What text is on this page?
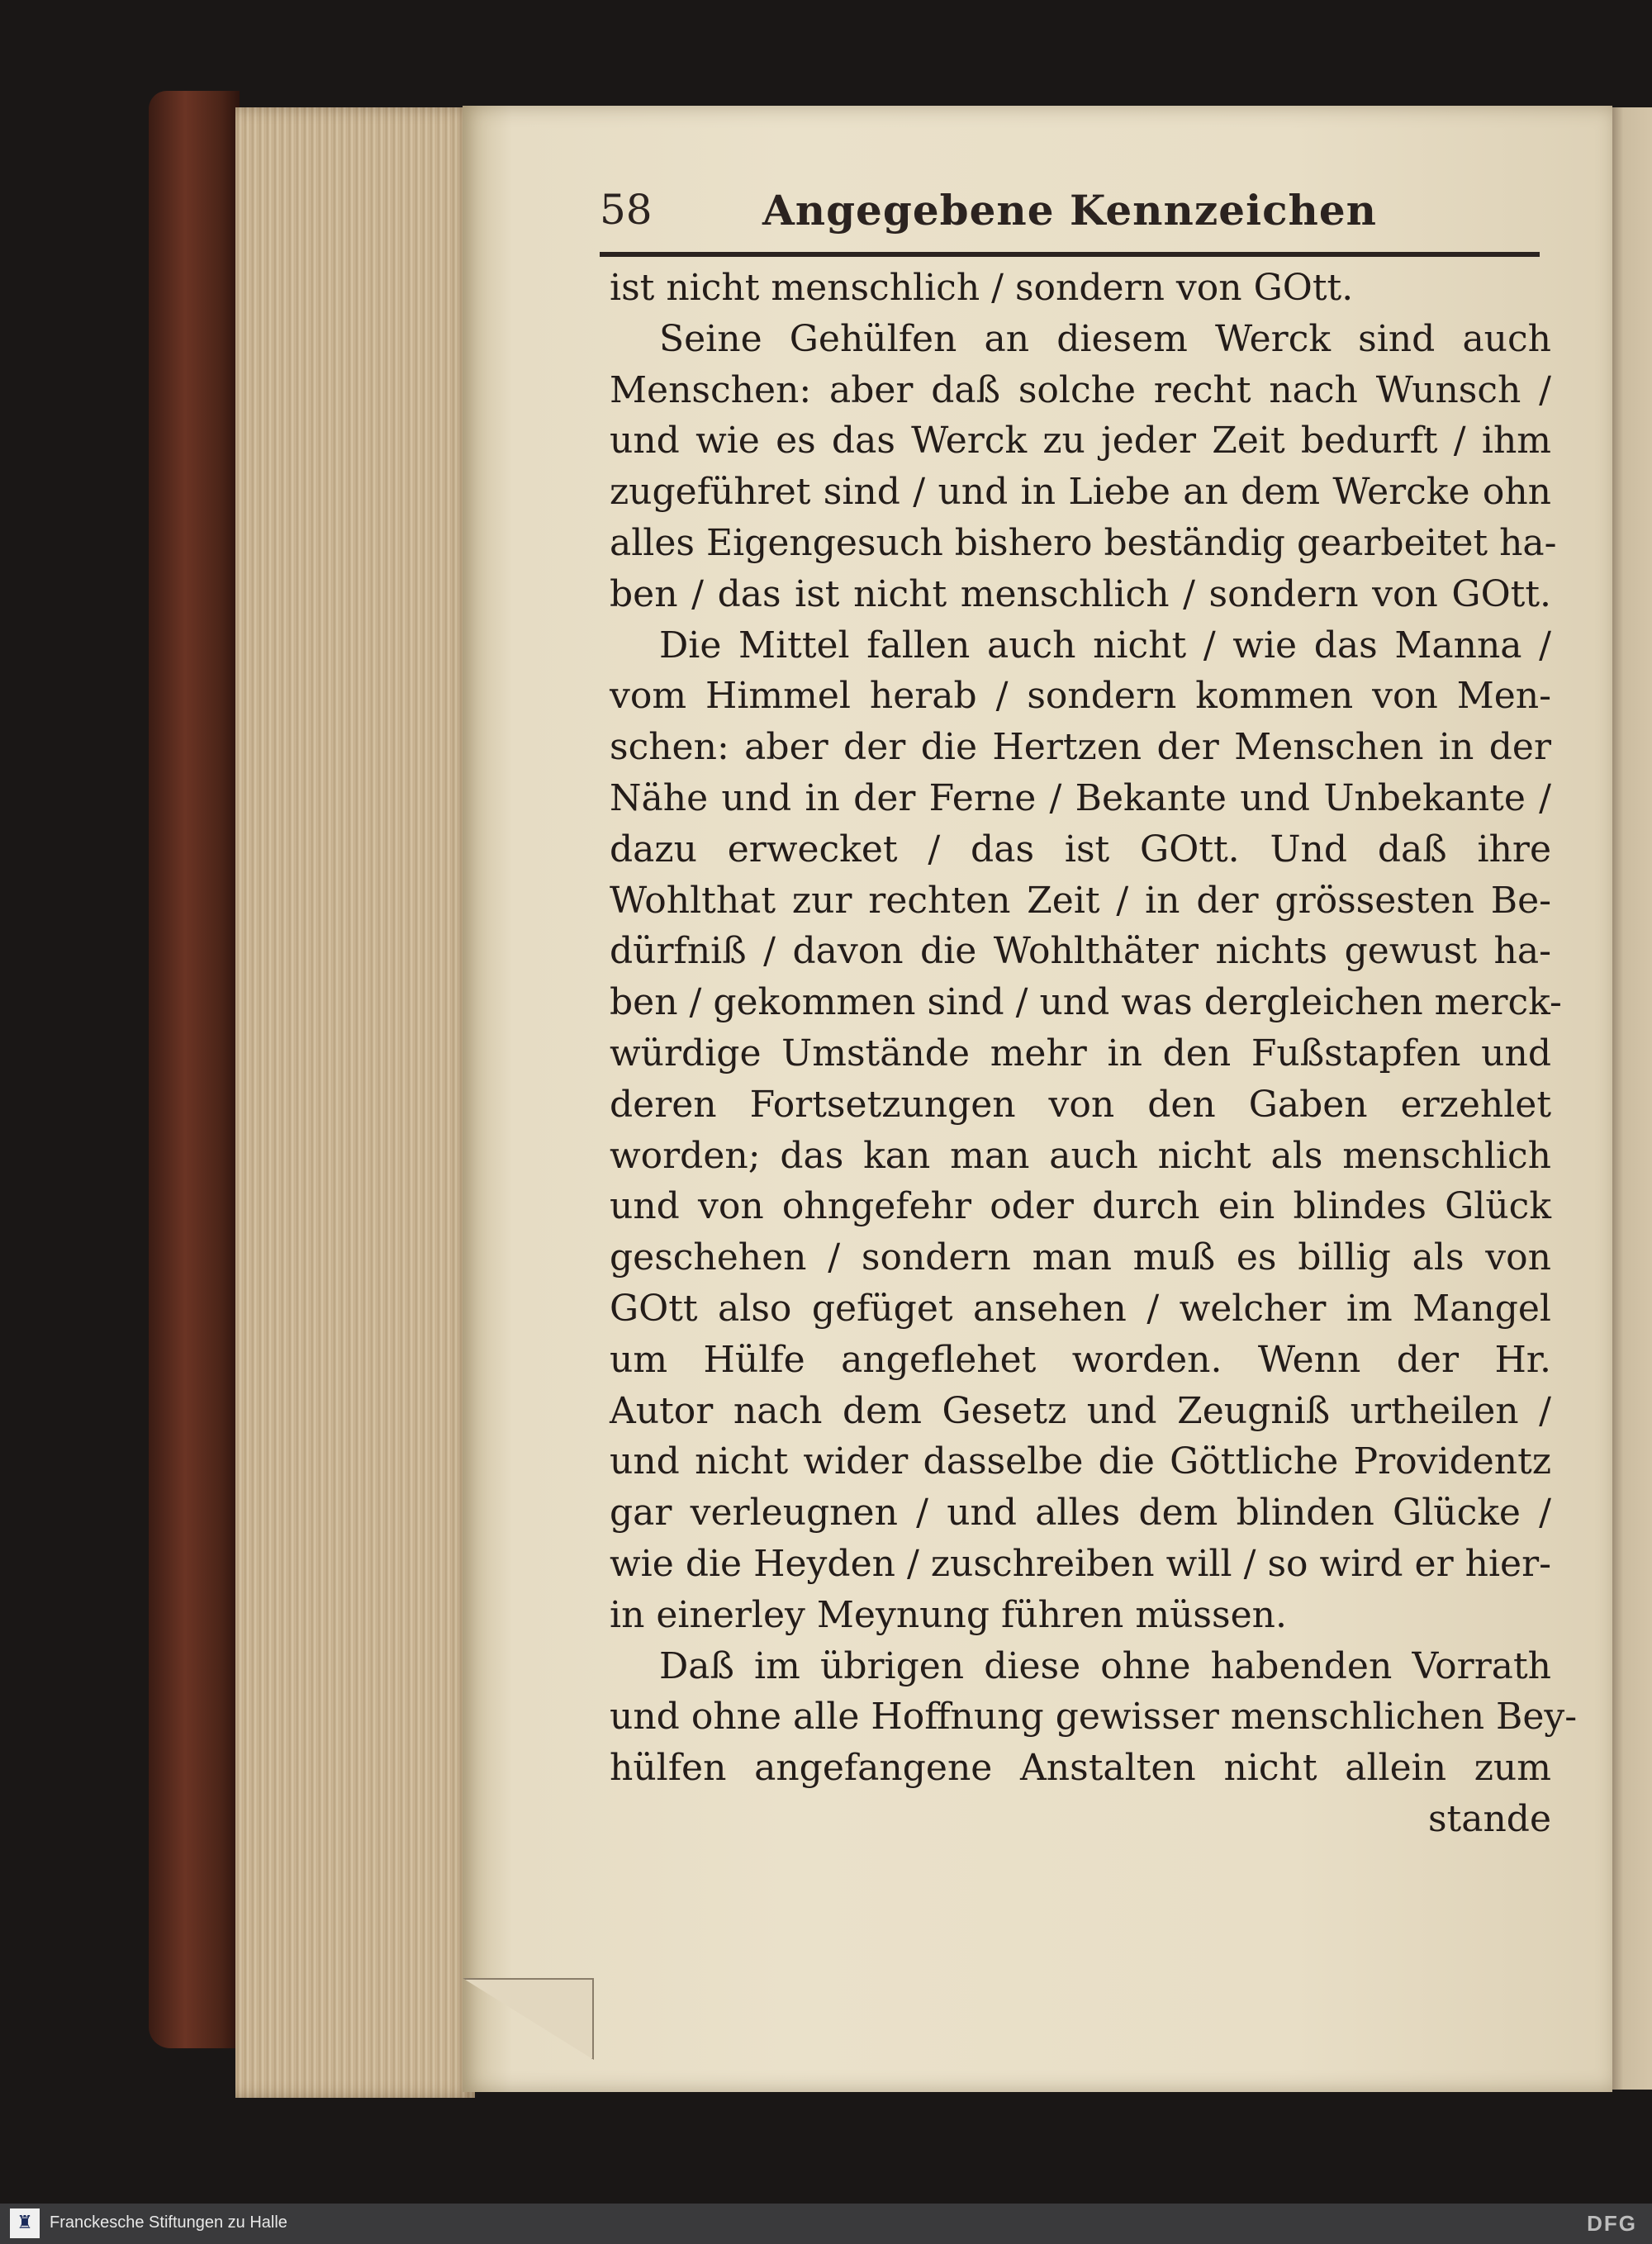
58	Angegebene Kennzeichen
ist nicht menschlich / sondern von GOtt.
Seine Gehülfen an diesem Werck sind auch
Menschen: aber daß solche recht nach Wunsch /
und wie es das Werck zu jeder Zeit bedurft / ihm
zugeführet sind / und in Liebe an dem Wercke ohn
alles Eigengesuch bishero beständig gearbeitet ha-
ben / das ist nicht menschlich / sondern von GOtt.
Die Mittel fallen auch nicht / wie das Manna /
vom Himmel herab / sondern kommen von Men-
schen: aber der die Hertzen der Menschen in der
Nähe und in der Ferne / Bekante und Unbekante /
dazu erwecket / das ist GOtt. Und daß ihre
Wohlthat zur rechten Zeit / in der grössesten Be-
dürfniß / davon die Wohlthäter nichts gewust ha-
ben / gekommen sind / und was dergleichen merck-
würdige Umstände mehr in den Fußstapfen und
deren Fortsetzungen von den Gaben erzehlet
worden; das kan man auch nicht als menschlich
und von ohngefehr oder durch ein blindes Glück
geschehen / sondern man muß es billig als von
GOtt also gefüget ansehen / welcher im Mangel
um Hülfe angeflehet worden. Wenn der Hr.
Autor nach dem Gesetz und Zeugniß urtheilen /
und nicht wider dasselbe die Göttliche Providentz
gar verleugnen / und alles dem blinden Glücke /
wie die Heyden / zuschreiben will / so wird er hier-
in einerley Meynung führen müssen.
Daß im übrigen diese ohne habenden Vorrath
und ohne alle Hoffnung gewisser menschlichen Bey-
hülfen angefangene Anstalten nicht allein zum
stande
♜	Franckesche Stiftungen zu Halle	DFG
